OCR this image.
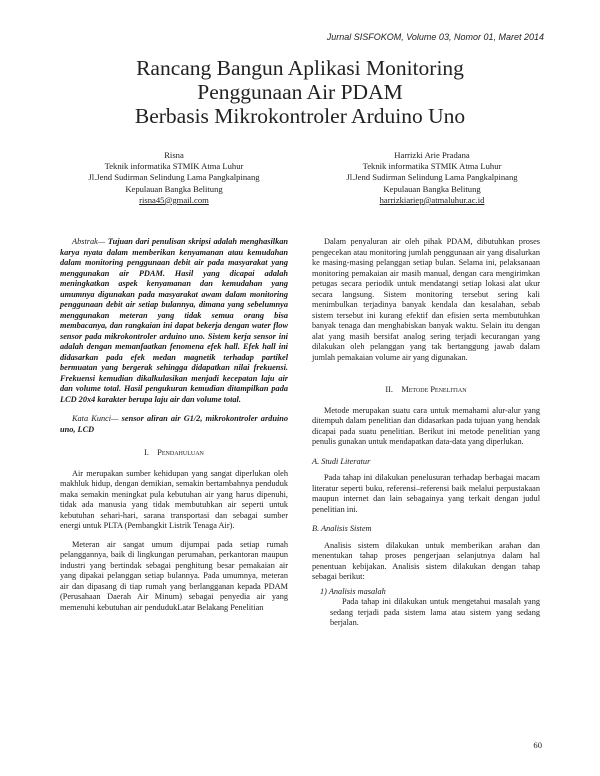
Jurnal SISFOKOM, Volume 03, Nomor 01, Maret 2014
Rancang Bangun Aplikasi Monitoring
Penggunaan Air PDAM
Berbasis Mikrokontroler Arduino Uno
Risna
Teknik informatika STMIK Atma Luhur
Jl.Jend Sudirman Selindung Lama Pangkalpinang
Kepulauan Bangka Belitung
risna45@gmail.com
Harrizki Arie Pradana
Teknik informatika STMIK Atma Luhur
Jl.Jend Sudirman Selindung Lama Pangkalpinang
Kepulauan Bangka Belitung
harrizkiariep@atmaluhur.ac.id

Abstrak— Tujuan dari penulisan skripsi adalah menghasilkan karya nyata dalam memberikan kenyamanan atau kemudahan dalam monitoring penggunaan debit air pada masyarakat yang menggunakan air PDAM. Hasil yang dicapai adalah meningkatkan aspek kenyamanan dan kemudahan yang umumnya digunakan pada masyarakat awam dalam monitoring penggunaan debit air setiap bulannya, dimana yang sebelumnya menggunakan meteran yang tidak semua orang bisa membacanya, dan rangkaian ini dapat bekerja dengan water flow sensor pada mikrokontroler arduino uno. Sistem kerja sensor ini adalah dengan memanfaatkan fenomena efek hall. Efek hall ini didasarkan pada efek medan magnetik terhadap partikel bermuatan yang bergerak sehingga didapatkan nilai frekuensi. Frekuensi kemudian dikalkulasikan menjadi kecepatan laju air dan volume total. Hasil pengukuran kemudian ditampilkan pada LCD 20x4 karakter berupa laju air dan volume total.

Kata Kunci— sensor aliran air G1/2, mikrokontroler arduino uno, LCD

I. Pendahuluan

Air merupakan sumber kehidupan yang sangat diperlukan oleh makhluk hidup, dengan demikian, semakin bertambahnya penduduk maka semakin meningkat pula kebutuhan air yang harus dipenuhi, tidak ada manusia yang tidak membutuhkan air seperti untuk kebutuhan sehari-hari, sarana transportasi dan sebagai sumber energi untuk PLTA (Pembangkit Listrik Tenaga Air).

Meteran air sangat umum dijumpai pada setiap rumah pelanggannya, baik di lingkungan perumahan, perkantoran maupun industri yang bertindak sebagai penghitung besar pemakaian air yang dipakai pelanggan setiap bulannya. Pada umumnya, meteran air dan dipasang di tiap rumah yang berlangganan kepada PDAM (Perusahaan Daerah Air Minum) sebagai penyedia air yang memenuhi kebutuhan air pendudukLatar Belakang Penelitian

Dalam penyaluran air oleh pihak PDAM, dibutuhkan proses pengecekan atau monitoring jumlah penggunaan air yang disalurkan ke masing-masing pelanggan setiap bulan. Selama ini, pelaksanaan monitoring pemakaian air masih manual, dengan cara mengirimkan petugas secara periodik untuk mendatangi setiap lokasi alat ukur secara langsung. Sistem monitoring tersebut sering kali menimbulkan terjadinya banyak kendala dan kesalahan, sebab sistem tersebut ini kurang efektif dan efisien serta membutuhkan banyak tenaga dan menghabiskan banyak waktu. Selain itu dengan alat yang masih bersifat analog sering terjadi kecurangan yang dilakukan oleh pelanggan yang tak bertanggung jawab dalam jumlah pemakaian volume air yang digunakan.

II. Metode Penelitian

Metode merupakan suatu cara untuk memahami alur-alur yang ditempuh dalam penelitian dan didasarkan pada tujuan yang hendak dicapai pada suatu penelitian. Berikut ini metode penelitian yang penulis gunakan untuk mendapatkan data-data yang diperlukan.

A. Studi Literatur

Pada tahap ini dilakukan penelusuran terhadap berbagai macam literatur seperti buku, referensi–referensi baik melalui perpustakaan maupun internet dan lain sebagainya yang terkait dengan judul penelitian ini.

B. Analisis Sistem

Analisis sistem dilakukan untuk memberikan arahan dan menentukan tahap proses pengerjaan selanjutnya dalam hal penentuan kebijakan. Analisis sistem dilakukan dengan tahap sebagai berikut:

1) Analisis masalah

Pada tahap ini dilakukan untuk mengetahui masalah yang sedang terjadi pada sistem lama atau sistem yang sedang berjalan.

60
